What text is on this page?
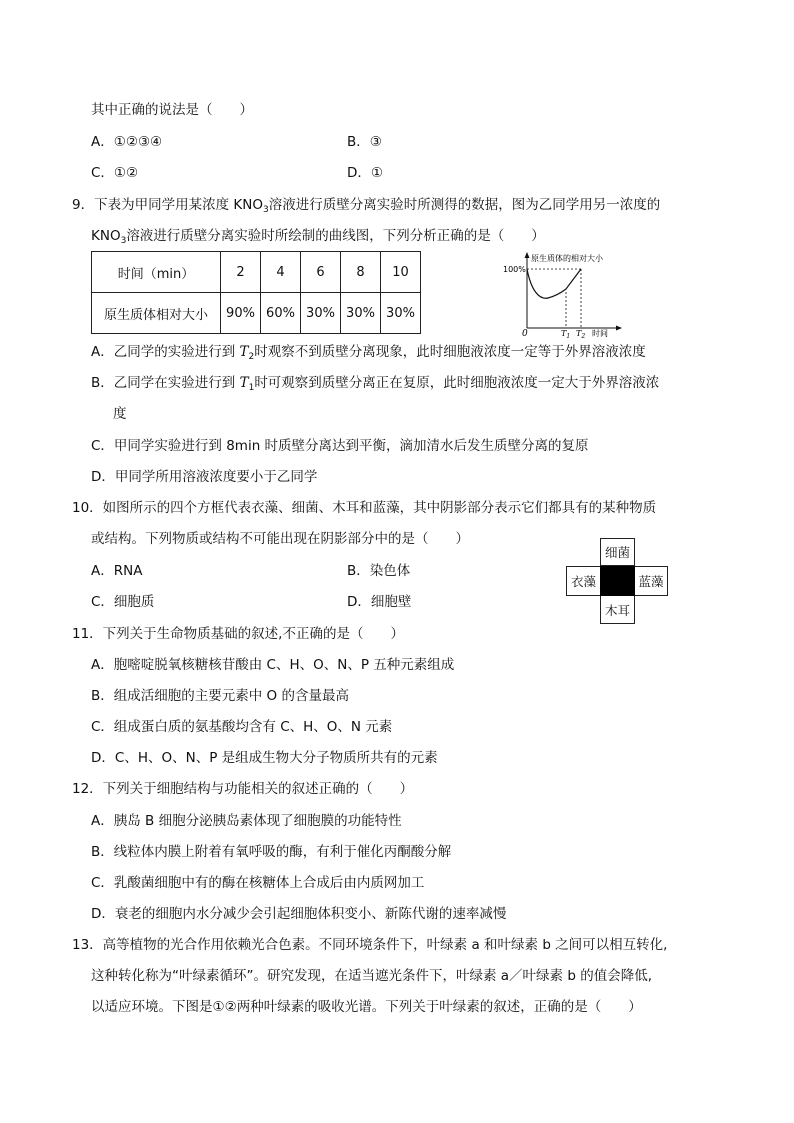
其中正确的说法是（　　）
A．①②③④	B．③
C．①②	D．①
9．下表为甲同学用某浓度 $KNO_3$溶液进行质壁分离实验时所测得的数据，图为乙同学用另一浓度的
$KNO_3$溶液进行质壁分离实验时所绘制的曲线图，下列分析正确的是（　　）
时间（min）	2	4	6	8	10
原生质体相对大小	90%	60%	30%	30%	30%
原生质体的相对大小
100%
0	$T_1$ $T_2$ 时间
A．乙同学的实验进行到 $T_2$时观察不到质壁分离现象，此时细胞液浓度一定等于外界溶液浓度
B．乙同学在实验进行到 $T_1$时可观察到质壁分离正在复原，此时细胞液浓度一定大于外界溶液浓
度
C．甲同学实验进行到 8min 时质壁分离达到平衡，滴加清水后发生质壁分离的复原
D．甲同学所用溶液浓度要小于乙同学
10．如图所示的四个方框代表衣藻、细菌、木耳和蓝藻，其中阴影部分表示它们都具有的某种物质
或结构。下列物质或结构不可能出现在阴影部分中的是（　　）
A．RNA	B．染色体
C．细胞质	D．细胞壁
细菌
衣藻	蓝藻
木耳
11．下列关于生命物质基础的叙述,不正确的是（　　）
A．胞嘧啶脱氧核糖核苷酸由 C、H、O、N、P 五种元素组成
B．组成活细胞的主要元素中 O 的含量最高
C．组成蛋白质的氨基酸均含有 C、H、O、N 元素
D．C、H、O、N、P 是组成生物大分子物质所共有的元素
12．下列关于细胞结构与功能相关的叙述正确的（　　）
A．胰岛 B 细胞分泌胰岛素体现了细胞膜的功能特性
B．线粒体内膜上附着有氧呼吸的酶，有利于催化丙酮酸分解
C．乳酸菌细胞中有的酶在核糖体上合成后由内质网加工
D．衰老的细胞内水分减少会引起细胞体积变小、新陈代谢的速率减慢
13．高等植物的光合作用依赖光合色素。不同环境条件下，叶绿素 a 和叶绿素 b 之间可以相互转化,
这种转化称为“叶绿素循环”。研究发现，在适当遮光条件下，叶绿素 a／叶绿素 b 的值会降低,
以适应环境。下图是①②两种叶绿素的吸收光谱。下列关于叶绿素的叙述，正确的是（　　）
